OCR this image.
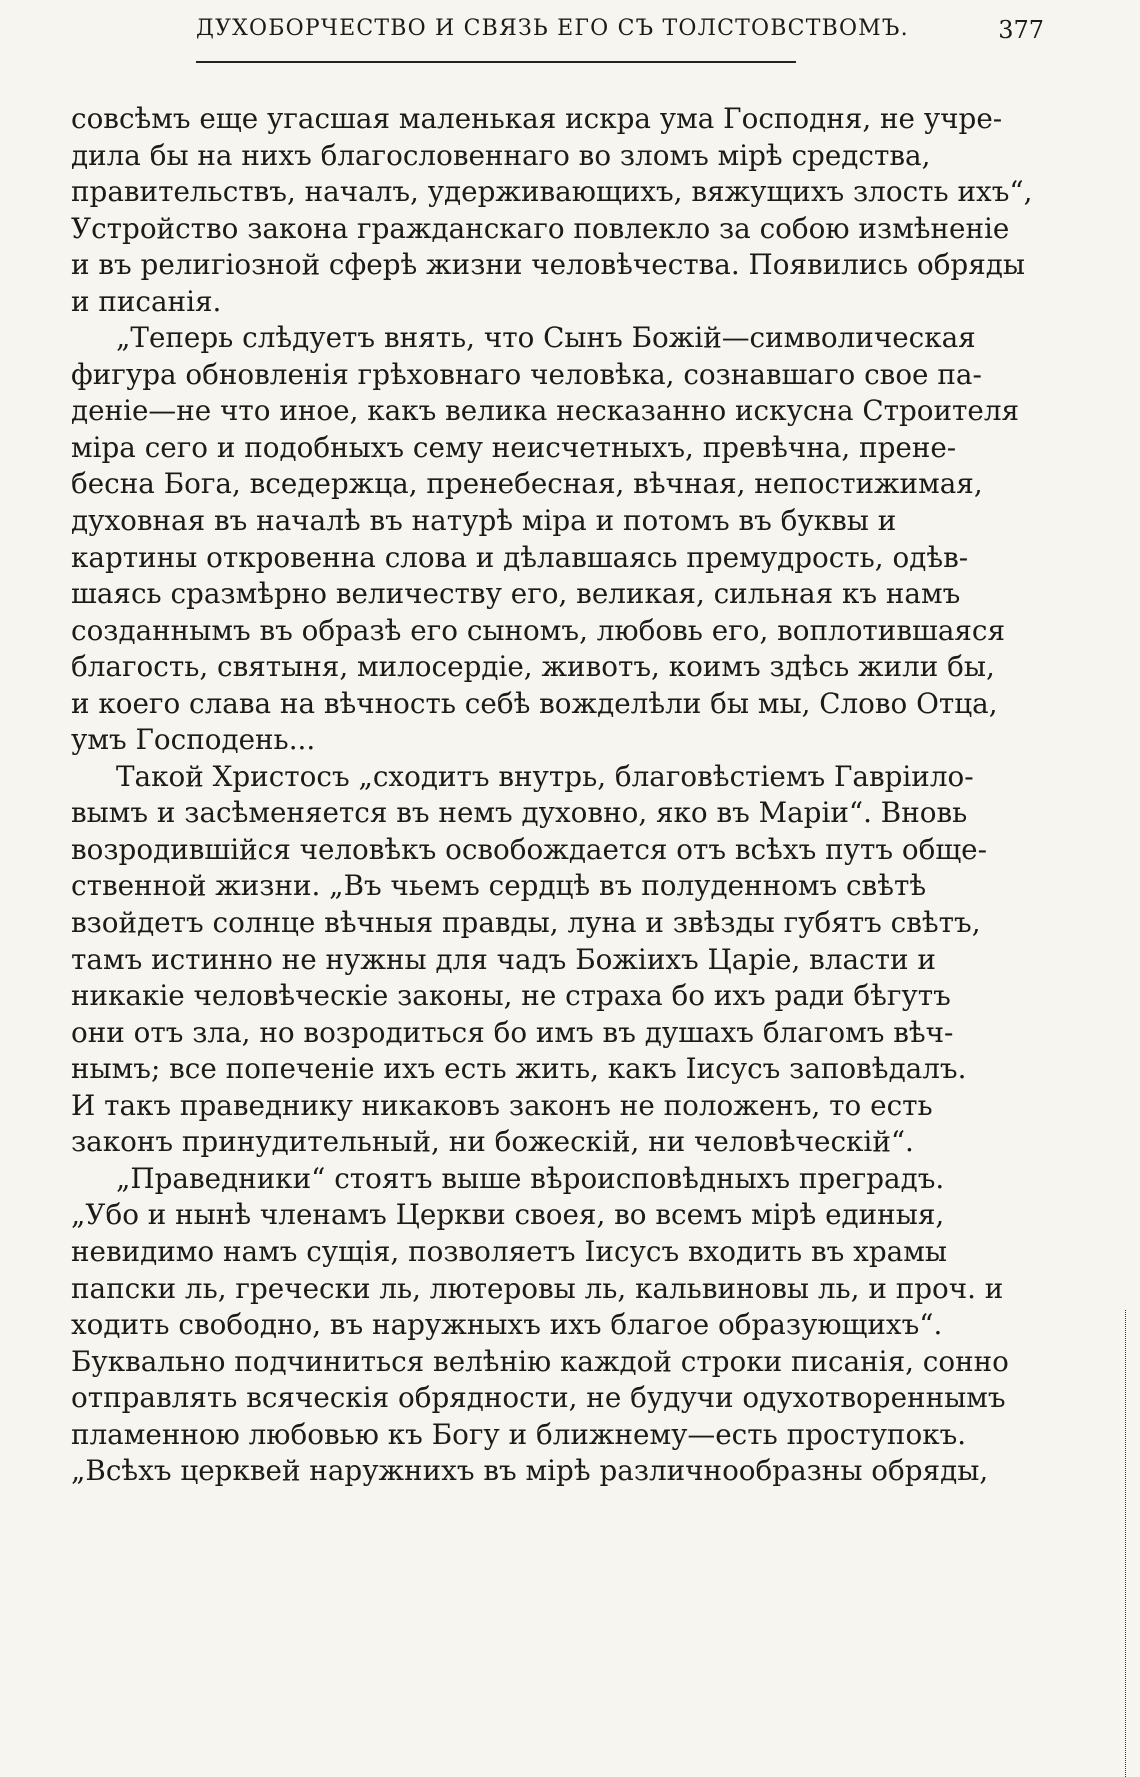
ДУХОБОРЧЕСТВО И СВЯЗЬ ЕГО СЪ ТОЛСТОВСТВОМЪ.	377

совсѣмъ еще угасшая маленькая искра ума Господня, не учре-
дила бы на нихъ благословеннаго во зломъ мірѣ средства,
правительствъ, началъ, удерживающихъ, вяжущихъ злость ихъ“,
Устройство закона гражданскаго повлекло за собою измѣненіе
и въ религіозной сферѣ жизни человѣчества. Появились обряды
и писанія.

„Теперь слѣдуетъ внять, что Сынъ Божій—символическая
фигура обновленія грѣховнаго человѣка, сознавшаго свое па-
деніе—не что иное, какъ велика несказанно искусна Строителя
міра сего и подобныхъ сему неисчетныхъ, превѣчна, прене-
бесна Бога, вседержца, пренебесная, вѣчная, непостижимая,
духовная въ началѣ въ натурѣ міра и потомъ въ буквы и
картины откровенна слова и дѣлавшаясь премудрость, одѣв-
шаясь сразмѣрно величеству его, великая, сильная къ намъ
созданнымъ въ образѣ его сыномъ, любовь его, воплотившаяся
благость, святыня, милосердіе, животъ, коимъ здѣсь жили бы,
и коего слава на вѣчность себѣ вожделѣли бы мы, Слово Отца,
умъ Господень...

Такой Христосъ „сходитъ внутрь, благовѣстіемъ Гавріило-
вымъ и засѣменяется въ немъ духовно, яко въ Маріи“. Вновь
возродившійся человѣкъ освобождается отъ всѣхъ путъ обще-
ственной жизни. „Въ чьемъ сердцѣ въ полуденномъ свѣтѣ
взойдетъ солнце вѣчныя правды, луна и звѣзды губятъ свѣтъ,
тамъ истинно не нужны для чадъ Божіихъ Царіе, власти и
никакіе человѣческіе законы, не страха бо ихъ ради бѣгутъ
они отъ зла, но возродиться бо имъ въ душахъ благомъ вѣч-
нымъ; все попеченіе ихъ есть жить, какъ Іисусъ заповѣдалъ.
И такъ праведнику никаковъ законъ не положенъ, то есть
законъ принудительный, ни божескій, ни человѣческій“.

„Праведники“ стоятъ выше вѣроисповѣдныхъ преградъ.
„Убо и нынѣ членамъ Церкви своея, во всемъ мірѣ единыя,
невидимо намъ сущія, позволяетъ Іисусъ входить въ храмы
папски ль, гречески ль, лютеровы ль, кальвиновы ль, и проч. и
ходить свободно, въ наружныхъ ихъ благое образующихъ“.
Буквально подчиниться велѣнію каждой строки писанія, сонно
отправлять всяческія обрядности, не будучи одухотвореннымъ
пламенною любовью къ Богу и ближнему—есть проступокъ.
„Всѣхъ церквей наружнихъ въ мірѣ различнообразны обряды,
